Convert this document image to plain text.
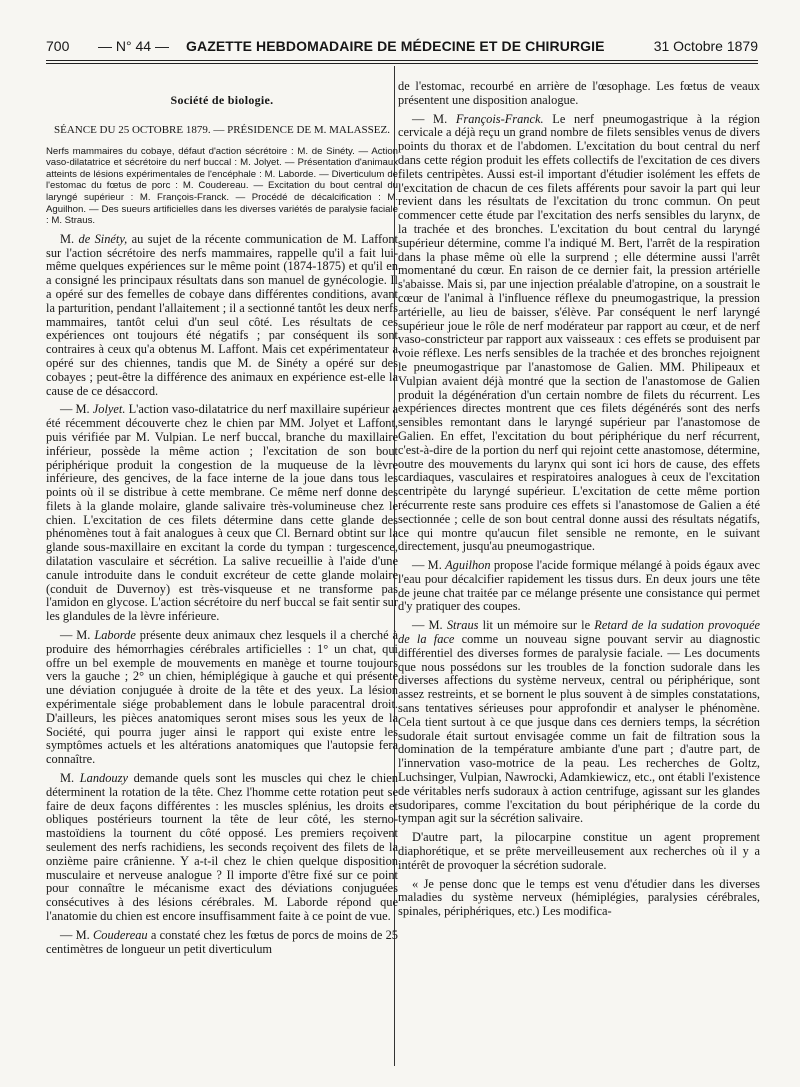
700 — N° 44 — GAZETTE HEBDOMADAIRE DE MÉDECINE ET DE CHIRURGIE	31 Octobre 1879
Société de biologie.
SÉANCE DU 25 OCTOBRE 1879. — PRÉSIDENCE DE M. MALASSEZ.
Nerfs mammaires du cobaye, défaut d'action sécrétoire : M. de Sinéty. — Action vaso-dilatatrice et sécrétoire du nerf buccal : M. Jolyet. — Présentation d'animaux atteints de lésions expérimentales de l'encéphale : M. Laborde. — Diverticulum de l'estomac du fœtus de porc : M. Coudereau. — Excitation du bout central du laryngé supérieur : M. François-Franck. — Procédé de décalcification : M. Aguilhon. — Des sueurs artificielles dans les diverses variétés de paralysie faciale : M. Straus.

M. de Sinéty, au sujet de la récente communication de M. Laffont sur l'action sécrétoire des nerfs mammaires, rappelle qu'il a fait lui-même quelques expériences sur le même point (1874-1875) et qu'il en a consigné les principaux résultats dans son manuel de gynécologie. Il a opéré sur des femelles de cobaye dans différentes conditions, avant la parturition, pendant l'allaitement ; il a sectionné tantôt les deux nerfs mammaires, tantôt celui d'un seul côté. Les résultats de ces expériences ont toujours été négatifs ; par conséquent ils sont contraires à ceux qu'a obtenus M. Laffont. Mais cet expérimentateur a opéré sur des chiennes, tandis que M. de Sinéty a opéré sur des cobayes ; peut-être la différence des animaux en expérience est-elle la cause de ce désaccord.

— M. Jolyet. L'action vaso-dilatatrice du nerf maxillaire supérieur a été récemment découverte chez le chien par MM. Jolyet et Laffont, puis vérifiée par M. Vulpian. Le nerf buccal, branche du maxillaire inférieur, possède la même action ; l'excitation de son bout périphérique produit la congestion de la muqueuse de la lèvre inférieure, des gencives, de la face interne de la joue dans tous les points où il se distribue à cette membrane. Ce même nerf donne des filets à la glande molaire, glande salivaire très-volumineuse chez le chien. L'excitation de ces filets détermine dans cette glande des phénomènes tout à fait analogues à ceux que Cl. Bernard obtint sur la glande sous-maxillaire en excitant la corde du tympan : turgescence, dilatation vasculaire et sécrétion. La salive recueillie à l'aide d'une canule introduite dans le conduit excréteur de cette glande molaire (conduit de Duvernoy) est très-visqueuse et ne transforme pas l'amidon en glycose. L'action sécrétoire du nerf buccal se fait sentir sur les glandules de la lèvre inférieure.

— M. Laborde présente deux animaux chez lesquels il a cherché à produire des hémorrhagies cérébrales artificielles : 1° un chat, qui offre un bel exemple de mouvements en manège et tourne toujours vers la gauche ; 2° un chien, hémiplégique à gauche et qui présente une déviation conjuguée à droite de la tête et des yeux. La lésion expérimentale siége probablement dans le lobule paracentral droit. D'ailleurs, les pièces anatomiques seront mises sous les yeux de la Société, qui pourra juger ainsi le rapport qui existe entre les symptômes actuels et les altérations anatomiques que l'autopsie fera connaître.

M. Landouzy demande quels sont les muscles qui chez le chien déterminent la rotation de la tête. Chez l'homme cette rotation peut se faire de deux façons différentes : les muscles splénius, les droits et obliques postérieurs tournent la tête de leur côté, les sterno-mastoïdiens la tournent du côté opposé. Les premiers reçoivent seulement des nerfs rachidiens, les seconds reçoivent des filets de la onzième paire crânienne. Y a-t-il chez le chien quelque disposition musculaire et nerveuse analogue ? Il importe d'être fixé sur ce point pour connaître le mécanisme exact des déviations conjuguées consécutives à des lésions cérébrales. M. Laborde répond que l'anatomie du chien est encore insuffisamment faite à ce point de vue.

— M. Coudereau a constaté chez les fœtus de porcs de moins de 25 centimètres de longueur un petit diverticulum

de l'estomac, recourbé en arrière de l'œsophage. Les fœtus de veaux présentent une disposition analogue.

— M. François-Franck. Le nerf pneumogastrique à la région cervicale a déjà reçu un grand nombre de filets sensibles venus de divers points du thorax et de l'abdomen. L'excitation du bout central du nerf dans cette région produit les effets collectifs de l'excitation de ces divers filets centripètes. Aussi est-il important d'étudier isolément les effets de l'excitation de chacun de ces filets afférents pour savoir la part qui leur revient dans les résultats de l'excitation du tronc commun. On peut commencer cette étude par l'excitation des nerfs sensibles du larynx, de la trachée et des bronches. L'excitation du bout central du laryngé supérieur détermine, comme l'a indiqué M. Bert, l'arrêt de la respiration dans la phase même où elle la surprend ; elle détermine aussi l'arrêt momentané du cœur. En raison de ce dernier fait, la pression artérielle s'abaisse. Mais si, par une injection préalable d'atropine, on a soustrait le cœur de l'animal à l'influence réflexe du pneumogastrique, la pression artérielle, au lieu de baisser, s'élève. Par conséquent le nerf laryngé supérieur joue le rôle de nerf modérateur par rapport au cœur, et de nerf vaso-constricteur par rapport aux vaisseaux : ces effets se produisent par voie réflexe. Les nerfs sensibles de la trachée et des bronches rejoignent le pneumogastrique par l'anastomose de Galien. MM. Philipeaux et Vulpian avaient déjà montré que la section de l'anastomose de Galien produit la dégénération d'un certain nombre de filets du récurrent. Les expériences directes montrent que ces filets dégénérés sont des nerfs sensibles remontant dans le laryngé supérieur par l'anastomose de Galien. En effet, l'excitation du bout périphérique du nerf récurrent, c'est-à-dire de la portion du nerf qui rejoint cette anastomose, détermine, outre des mouvements du larynx qui sont ici hors de cause, des effets cardiaques, vasculaires et respiratoires analogues à ceux de l'excitation centripète du laryngé supérieur. L'excitation de cette même portion récurrente reste sans produire ces effets si l'anastomose de Galien a été sectionnée ; celle de son bout central donne aussi des résultats négatifs, ce qui montre qu'aucun filet sensible ne remonte, en le suivant directement, jusqu'au pneumogastrique.

— M. Aguilhon propose l'acide formique mélangé à poids égaux avec l'eau pour décalcifier rapidement les tissus durs. En deux jours une tête de jeune chat traitée par ce mélange présente une consistance qui permet d'y pratiquer des coupes.

— M. Straus lit un mémoire sur le Retard de la sudation provoquée de la face comme un nouveau signe pouvant servir au diagnostic différentiel des diverses formes de paralysie faciale. — Les documents que nous possédons sur les troubles de la fonction sudorale dans les diverses affections du système nerveux, central ou périphérique, sont assez restreints, et se bornent le plus souvent à de simples constatations, sans tentatives sérieuses pour approfondir et analyser le phénomène. Cela tient surtout à ce que jusque dans ces derniers temps, la sécrétion sudorale était surtout envisagée comme un fait de filtration sous la domination de la température ambiante d'une part ; d'autre part, de l'innervation vaso-motrice de la peau. Les recherches de Goltz, Luchsinger, Vulpian, Nawrocki, Adamkiewicz, etc., ont établi l'existence de véritables nerfs sudoraux à action centrifuge, agissant sur les glandes sudoripares, comme l'excitation du bout périphérique de la corde du tympan agit sur la sécrétion salivaire.

D'autre part, la pilocarpine constitue un agent proprement diaphorétique, et se prête merveilleusement aux recherches où il y a intérêt de provoquer la sécrétion sudorale.

« Je pense donc que le temps est venu d'étudier dans les diverses maladies du système nerveux (hémiplégies, paralysies cérébrales, spinales, périphériques, etc.) Les modifica-
